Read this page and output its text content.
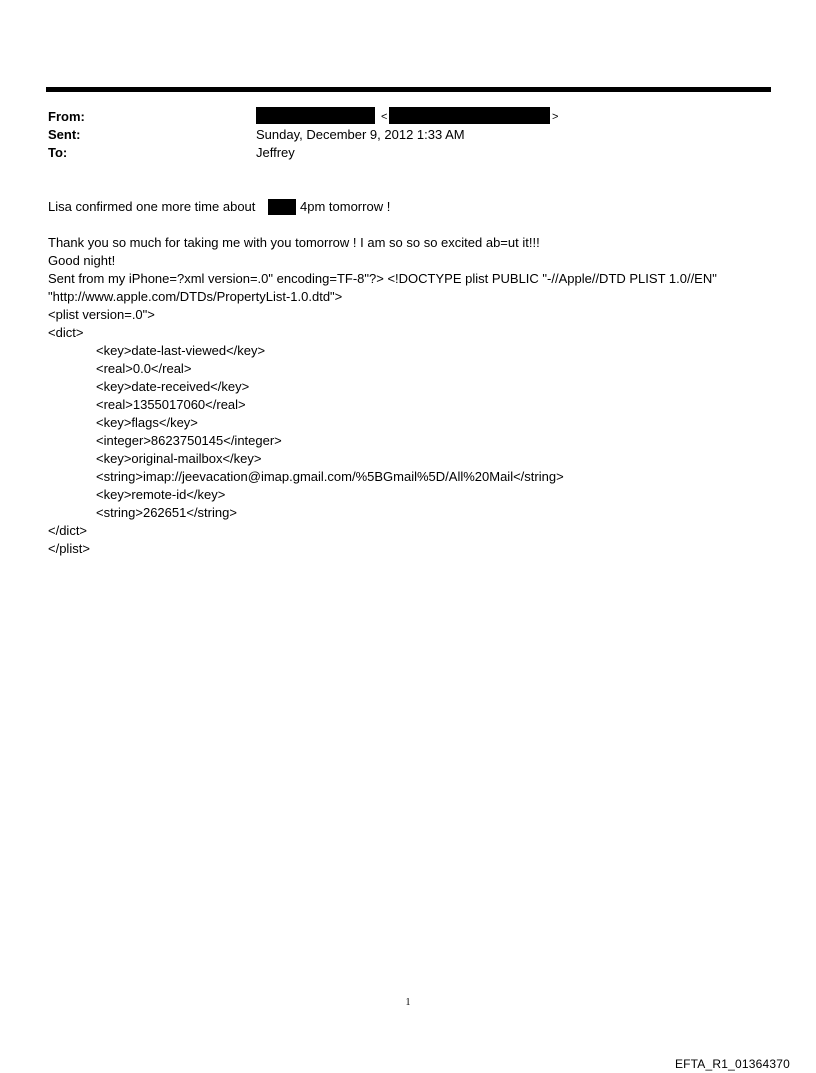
From:
Sent:
To:
<	>
Sunday, December 9, 2012 1:33 AM
Jeffrey
Lisa confirmed one more time about	4pm tomorrow !
Thank you so much for taking me with you tomorrow ! I am so so so excited ab=ut it!!!
Good night!
Sent from my iPhone=?xml version=.0" encoding=TF-8"?> <!DOCTYPE plist PUBLIC "-//Apple//DTD PLIST 1.0//EN"
"http://www.apple.com/DTDs/PropertyList-1.0.dtd">
<plist version=.0">
<dict>
<key>date-last-viewed</key>
<real>0.0</real>
<key>date-received</key>
<real>1355017060</real>
<key>flags</key>
<integer>8623750145</integer>
<key>original-mailbox</key>
<string>imap://jeevacation@imap.gmail.com/%5BGmail%5D/All%20Mail</string>
<key>remote-id</key>
<string>262651</string>
</dict>
</plist>
1
EFTA_R1_01364370
